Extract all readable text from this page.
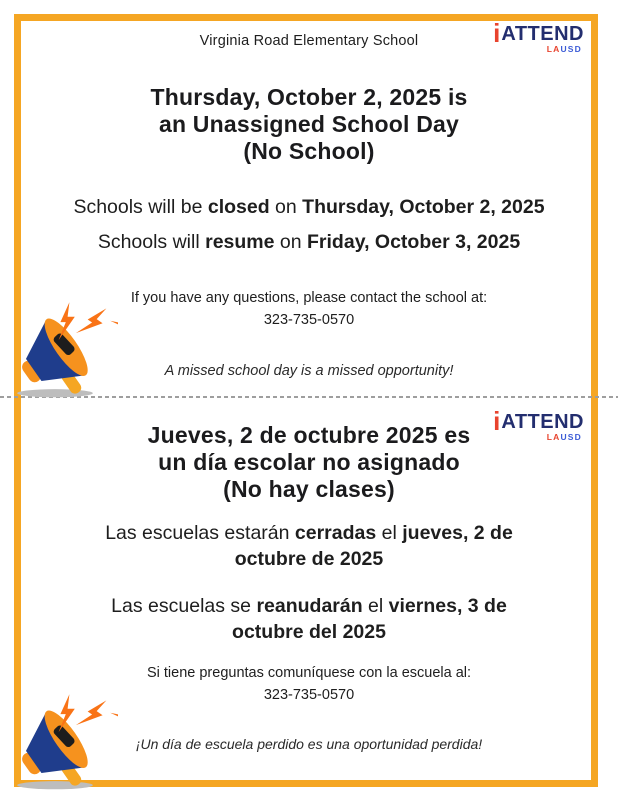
Virginia Road Elementary School	i ATTEND
LAUSD
Thursday, October 2, 2025 is
an Unassigned School Day
(No School)
Schools will be closed on Thursday, October 2, 2025
Schools will resume on Friday, October 3, 2025
If you have any questions, please contact the school at:
323-735-0570
A missed school day is a missed opportunity!
i ATTEND
LAUSD
Jueves, 2 de octubre 2025 es
un día escolar no asignado
(No hay clases)
Las escuelas estarán cerradas el jueves, 2 de octubre de 2025
Las escuelas se reanudarán el viernes, 3 de octubre del 2025
Si tiene preguntas comuníquese con la escuela al:
323-735-0570
¡Un día de escuela perdido es una oportunidad perdida!
